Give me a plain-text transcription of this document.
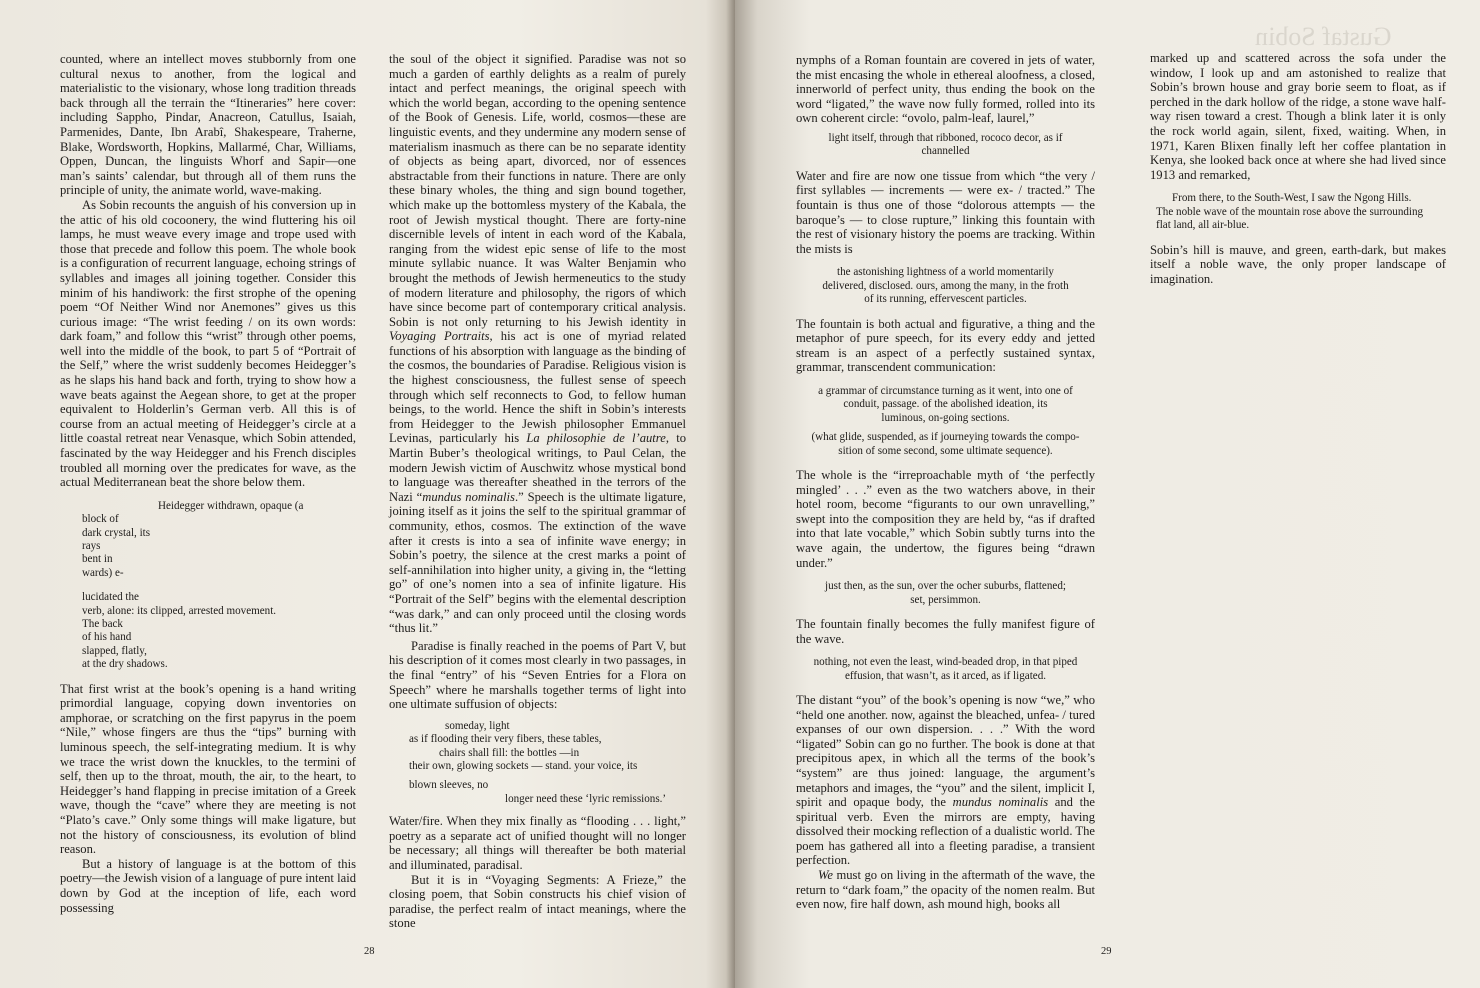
counted, where an intellect moves stubbornly from one cultural nexus to another, from the logical and materialistic to the visionary, whose long tradition threads back through all the terrain the “Itineraries” here cover: including Sappho, Pindar, Anacreon, Catullus, Isaiah, Parmenides, Dante, Ibn Arabî, Shakespeare, Traherne, Blake, Wordsworth, Hopkins, Mallarmé, Char, Williams, Oppen, Duncan, the linguists Whorf and Sapir—one man’s saints’ calendar, but through all of them runs the principle of unity, the animate world, wave-making.

As Sobin recounts the anguish of his conversion up in the attic of his old cocoonery, the wind fluttering his oil lamps, he must weave every image and trope used with those that precede and follow this poem. The whole book is a configuration of recurrent language, echoing strings of syllables and images all joining together. Consider this minim of his handiwork: the first strophe of the opening poem “Of Neither Wind nor Anemones” gives us this curious image: “The wrist feeding / on its own words: dark foam,” and follow this “wrist” through other poems, well into the middle of the book, to part 5 of “Portrait of the Self,” where the wrist suddenly becomes Heidegger’s as he slaps his hand back and forth, trying to show how a wave beats against the Aegean shore, to get at the proper equivalent to Holderlin’s German verb. All this is of course from an actual meeting of Heidegger’s circle at a little coastal retreat near Venasque, which Sobin attended, fascinated by the way Heidegger and his French disciples troubled all morning over the predicates for wave, as the actual Mediterranean beat the shore below them.

Heidegger withdrawn, opaque (a
block of
dark crystal, its
rays
bent in
wards) e-
lucidated the
verb, alone: its clipped, arrested movement.
The back
of his hand
slapped, flatly,
at the dry shadows.

That first wrist at the book’s opening is a hand writing primordial language, copying down inventories on amphorae, or scratching on the first papyrus in the poem “Nile,” whose fingers are thus the “tips” burning with luminous speech, the self-integrating medium. It is why we trace the wrist down the knuckles, to the termini of self, then up to the throat, mouth, the air, to the heart, to Heidegger’s hand flapping in precise imitation of a Greek wave, though the “cave” where they are meeting is not “Plato’s cave.” Only some things will make ligature, but not the history of consciousness, its evolution of blind reason.

But a history of language is at the bottom of this poetry—the Jewish vision of a language of pure intent laid down by God at the inception of life, each word possessing

the soul of the object it signified. Paradise was not so much a garden of earthly delights as a realm of purely intact and perfect meanings, the original speech with which the world began, according to the opening sentence of the Book of Genesis. Life, world, cosmos—these are linguistic events, and they undermine any modern sense of materialism inasmuch as there can be no separate identity of objects as being apart, divorced, nor of essences abstractable from their functions in nature. There are only these binary wholes, the thing and sign bound together, which make up the bottomless mystery of the Kabala, the root of Jewish mystical thought. There are forty-nine discernible levels of intent in each word of the Kabala, ranging from the widest epic sense of life to the most minute syllabic nuance. It was Walter Benjamin who brought the methods of Jewish hermeneutics to the study of modern literature and philosophy, the rigors of which have since become part of contemporary critical analysis. Sobin is not only returning to his Jewish identity in Voyaging Portraits, his act is one of myriad related functions of his absorption with language as the binding of the cosmos, the boundaries of Paradise. Religious vision is the highest consciousness, the fullest sense of speech through which self reconnects to God, to fellow human beings, to the world. Hence the shift in Sobin’s interests from Heidegger to the Jewish philosopher Emmanuel Levinas, particularly his La philosophie de l’autre, to Martin Buber’s theological writings, to Paul Celan, the modern Jewish victim of Auschwitz whose mystical bond to language was thereafter sheathed in the terrors of the Nazi “mundus nominalis.” Speech is the ultimate ligature, joining itself as it joins the self to the spiritual grammar of community, ethos, cosmos. The extinction of the wave after it crests is into a sea of infinite wave energy; in Sobin’s poetry, the silence at the crest marks a point of self-annihilation into higher unity, a giving in, the “letting go” of one’s nomen into a sea of infinite ligature. His “Portrait of the Self” begins with the elemental description “was dark,” and can only proceed until the closing words “thus lit.”

Paradise is finally reached in the poems of Part V, but his description of it comes most clearly in two passages, in the final “entry” of his “Seven Entries for a Flora on Speech” where he marshalls together terms of light into one ultimate suffusion of objects:

someday, light
as if flooding their very fibers, these tables,
chairs shall fill: the bottles —in
their own, glowing sockets — stand. your voice, its
blown sleeves, no
longer need these ‘lyric remissions.’

Water/fire. When they mix finally as “flooding . . . light,” poetry as a separate act of unified thought will no longer be necessary; all things will thereafter be both material and illuminated, paradisal.

But it is in “Voyaging Segments: A Frieze,” the closing poem, that Sobin constructs his chief vision of paradise, the perfect realm of intact meanings, where the stone

28
Gustaf Sobin

nymphs of a Roman fountain are covered in jets of water, the mist encasing the whole in ethereal aloofness, a closed, innerworld of perfect unity, thus ending the book on the word “ligated,” the wave now fully formed, rolled into its own coherent circle: “ovolo, palm-leaf, laurel,”

light itself, through that ribboned, rococo decor, as if
channelled

Water and fire are now one tissue from which “the very / first syllables — increments — were ex- / tracted.” The fountain is thus one of those “dolorous attempts — the baroque’s — to close rupture,” linking this fountain with the rest of visionary history the poems are tracking. Within the mists is

the astonishing lightness of a world momentarily
delivered, disclosed. ours, among the many, in the froth
of its running, effervescent particles.

The fountain is both actual and figurative, a thing and the metaphor of pure speech, for its every eddy and jetted stream is an aspect of a perfectly sustained syntax, grammar, transcendent communication:

a grammar of circumstance turning as it went, into one of
conduit, passage. of the abolished ideation, its
luminous, on-going sections.
(what glide, suspended, as if journeying towards the compo-
sition of some second, some ultimate sequence).

The whole is the “irreproachable myth of ‘the perfectly mingled’ . . .” even as the two watchers above, in their hotel room, become “figurants to our own unravelling,” swept into the composition they are held by, “as if drafted into that late vocable,” which Sobin subtly turns into the wave again, the undertow, the figures being “drawn under.”

just then, as the sun, over the ocher suburbs, flattened;
set, persimmon.

The fountain finally becomes the fully manifest figure of the wave.

nothing, not even the least, wind-beaded drop, in that piped
effusion, that wasn’t, as it arced, as if ligated.

The distant “you” of the book’s opening is now “we,” who “held one another. now, against the bleached, unfea- / tured expanses of our own dispersion. . . .” With the word “ligated” Sobin can go no further. The book is done at that precipitous apex, in which all the terms of the book’s “system” are thus joined: language, the argument’s metaphors and images, the “you” and the silent, implicit I, spirit and opaque body, the mundus nominalis and the spiritual verb. Even the mirrors are empty, having dissolved their mocking reflection of a dualistic world. The poem has gathered all into a fleeting paradise, a transient perfection.

We must go on living in the aftermath of the wave, the return to “dark foam,” the opacity of the nomen realm. But even now, fire half down, ash mound high, books all

marked up and scattered across the sofa under the window, I look up and am astonished to realize that Sobin’s brown house and gray borie seem to float, as if perched in the dark hollow of the ridge, a stone wave half-way risen toward a crest. Though a blink later it is only the rock world again, silent, fixed, waiting. When, in 1971, Karen Blixen finally left her coffee plantation in Kenya, she looked back once at where she had lived since 1913 and remarked,

From there, to the South-West, I saw the Ngong Hills.
The noble wave of the mountain rose above the surrounding
flat land, all air-blue.

Sobin’s hill is mauve, and green, earth-dark, but makes itself a noble wave, the only proper landscape of imagination.

29
